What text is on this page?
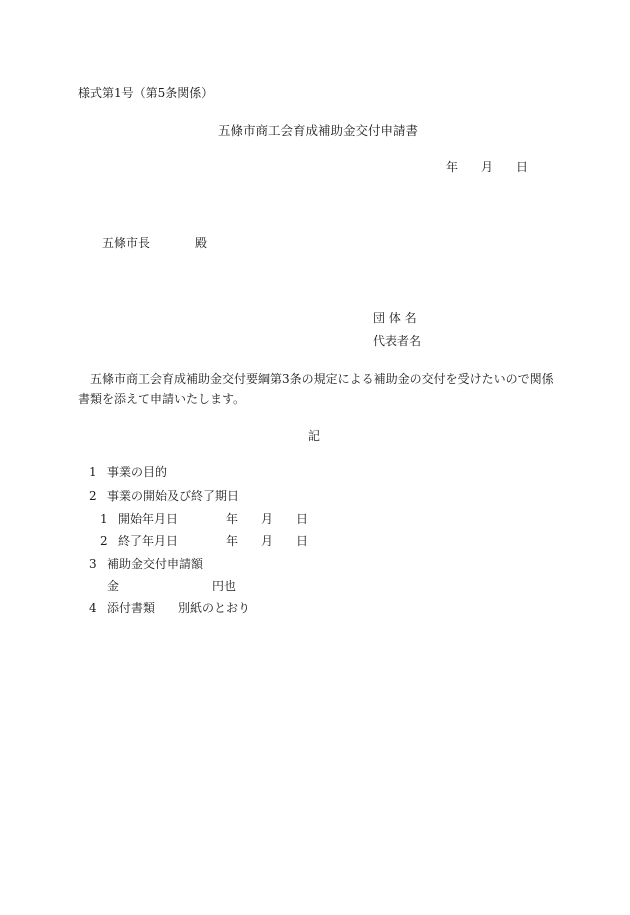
様式第1号（第5条関係）
五條市商工会育成補助金交付申請書
年 月 日
五條市長	殿
団 体 名
代表者名
五條市商工会育成補助金交付要綱第3条の規定による補助金の交付を受けたいので関係書類を添えて申請いたします。
記
1 事業の目的
2 事業の開始及び終了期日
1 開始年月日	年 月 日
2 終了年月日	年 月 日
3 補助金交付申請額
金	円也
4 添付書類 別紙のとおり
